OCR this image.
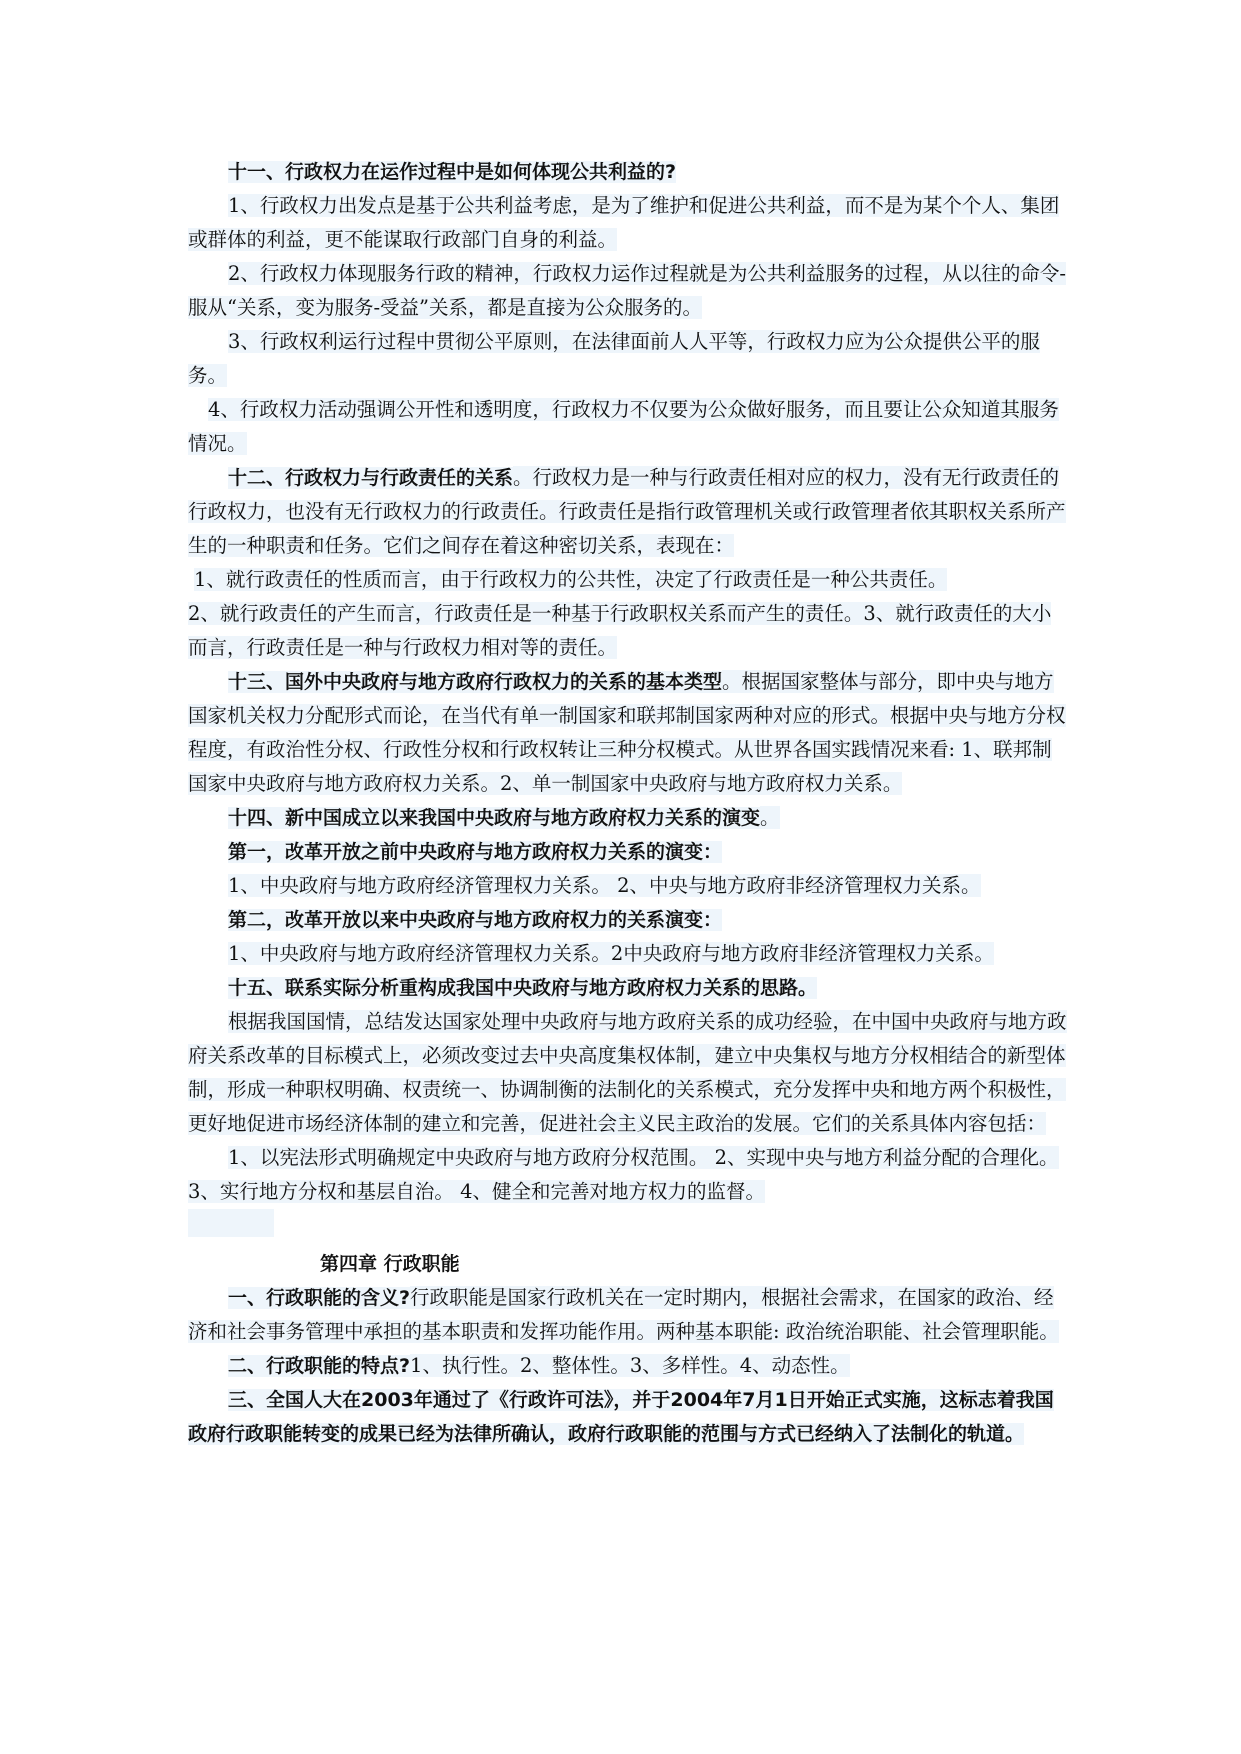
十一、行政权力在运作过程中是如何体现公共利益的?

1、行政权力出发点是基于公共利益考虑，是为了维护和促进公共利益，而不是为某个个人、集团或群体的利益，更不能谋取行政部门自身的利益。

2、行政权力体现服务行政的精神，行政权力运作过程就是为公共利益服务的过程，从以往的命令-服从“关系，变为服务-受益”关系，都是直接为公众服务的。

3、行政权利运行过程中贯彻公平原则，在法律面前人人平等，行政权力应为公众提供公平的服务。

4、行政权力活动强调公开性和透明度，行政权力不仅要为公众做好服务，而且要让公众知道其服务情况。

十二、行政权力与行政责任的关系。行政权力是一种与行政责任相对应的权力，没有无行政责任的行政权力，也没有无行政权力的行政责任。行政责任是指行政管理机关或行政管理者依其职权关系所产生的一种职责和任务。它们之间存在着这种密切关系，表现在：

1、就行政责任的性质而言，由于行政权力的公共性，决定了行政责任是一种公共责任。

2、就行政责任的产生而言，行政责任是一种基于行政职权关系而产生的责任。3、就行政责任的大小而言，行政责任是一种与行政权力相对等的责任。

十三、国外中央政府与地方政府行政权力的关系的基本类型。根据国家整体与部分，即中央与地方国家机关权力分配形式而论，在当代有单一制国家和联邦制国家两种对应的形式。根据中央与地方分权程度，有政治性分权、行政性分权和行政权转让三种分权模式。从世界各国实践情况来看: 1、联邦制国家中央政府与地方政府权力关系。2、单一制国家中央政府与地方政府权力关系。

十四、新中国成立以来我国中央政府与地方政府权力关系的演变。

第一，改革开放之前中央政府与地方政府权力关系的演变：

1、中央政府与地方政府经济管理权力关系。 2、中央与地方政府非经济管理权力关系。

第二，改革开放以来中央政府与地方政府权力的关系演变：

1、中央政府与地方政府经济管理权力关系。2中央政府与地方政府非经济管理权力关系。

十五、联系实际分析重构成我国中央政府与地方政府权力关系的思路。

根据我国国情，总结发达国家处理中央政府与地方政府关系的成功经验，在中国中央政府与地方政府关系改革的目标模式上，必须改变过去中央高度集权体制，建立中央集权与地方分权相结合的新型体制，形成一种职权明确、权责统一、协调制衡的法制化的关系模式，充分发挥中央和地方两个积极性，更好地促进市场经济体制的建立和完善，促进社会主义民主政治的发展。它们的关系具体内容包括：

1、以宪法形式明确规定中央政府与地方政府分权范围。 2、实现中央与地方利益分配的合理化。 3、实行地方分权和基层自治。 4、健全和完善对地方权力的监督。

第四章 行政职能

一、行政职能的含义?行政职能是国家行政机关在一定时期内，根据社会需求，在国家的政治、经济和社会事务管理中承担的基本职责和发挥功能作用。两种基本职能: 政治统治职能、社会管理职能。

二、行政职能的特点?1、执行性。2、整体性。3、多样性。4、动态性。

三、全国人大在2003年通过了《行政许可法》，并于2004年7月1日开始正式实施，这标志着我国政府行政职能转变的成果已经为法律所确认，政府行政职能的范围与方式已经纳入了法制化的轨道。
